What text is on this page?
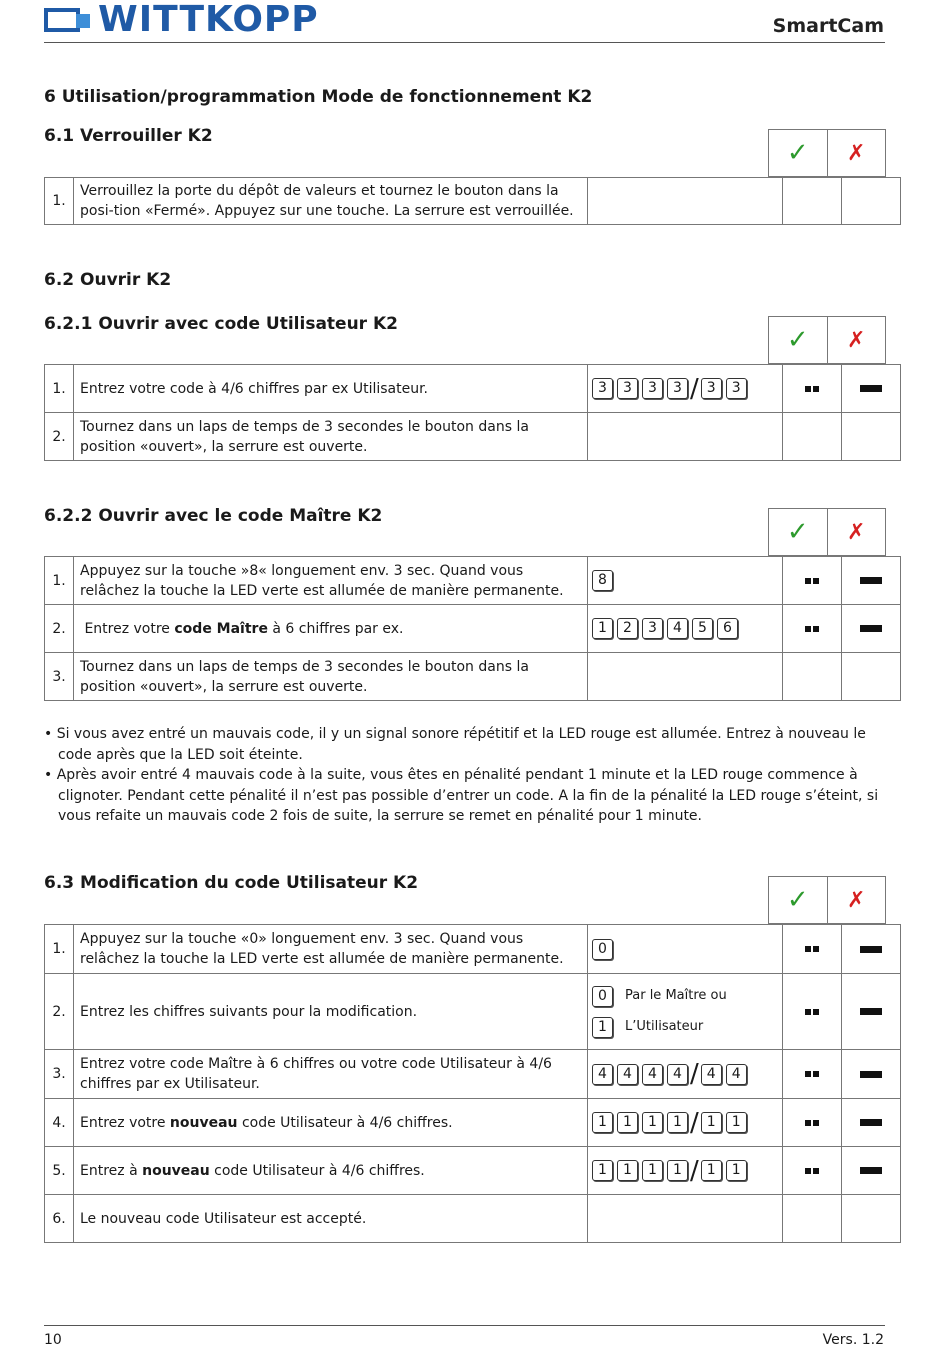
WITTKOPP	SmartCam
6 Utilisation/programmation Mode de fonctionnement K2
6.1 Verrouiller K2
✓	✗
1.	Verrouillez la porte du dépôt de valeurs et tournez le bouton dans la posi-tion «Fermé». Appuyez sur une touche. La serrure est verrouillée.			
6.2 Ouvrir K2
6.2.1 Ouvrir avec code Utilisateur K2
✓	✗
1.	Entrez votre code à 4/6 chiffres par ex Utilisateur.	3 3 3 3 / 3 3		
2.	Tournez dans un laps de temps de 3 secondes le bouton dans la position «ouvert», la serrure est ouverte.			
6.2.2 Ouvrir avec le code Maître K2
✓	✗
1.	Appuyez sur la touche »8« longuement env. 3 sec. Quand vous relâchez la touche la LED verte est allumée de manière permanente.	8		
2.	Entrez votre code Maître à 6 chiffres par ex.	1 2 3 4 5 6		
3.	Tournez dans un laps de temps de 3 secondes le bouton dans la position «ouvert», la serrure est ouverte.			

• Si vous avez entré un mauvais code, il y un signal sonore répétitif et la LED rouge est allumée. Entrez à nouveau le code après que la LED soit éteinte.

• Après avoir entré 4 mauvais code à la suite, vous êtes en pénalité pendant 1 minute et la LED rouge commence à clignoter. Pendant cette pénalité il n’est pas possible d’entrer un code. A la fin de la pénalité la LED rouge s’éteint, si vous refaite un mauvais code 2 fois de suite, la serrure se remet en pénalité pour 1 minute.

6.3 Modification du code Utilisateur K2
✓	✗
1.	Appuyez sur la touche «0» longuement env. 3 sec. Quand vous relâchez la touche la LED verte est allumée de manière permanente.	0		
2.	Entrez les chiffres suivants pour la modification.	0 Par le Maître ou
1 L’Utilisateur		

3.	Entrez votre code Maître à 6 chiffres ou votre code Utilisateur à 4/6 chiffres par ex Utilisateur.	4 4 4 4 / 4 4		
4.	Entrez votre nouveau code Utilisateur à 4/6 chiffres.	1 1 1 1 / 1 1		
5.	Entrez à nouveau code Utilisateur à 4/6 chiffres.	1 1 1 1 / 1 1		
6.	Le nouveau code Utilisateur est accepté.			
10	Vers. 1.2
